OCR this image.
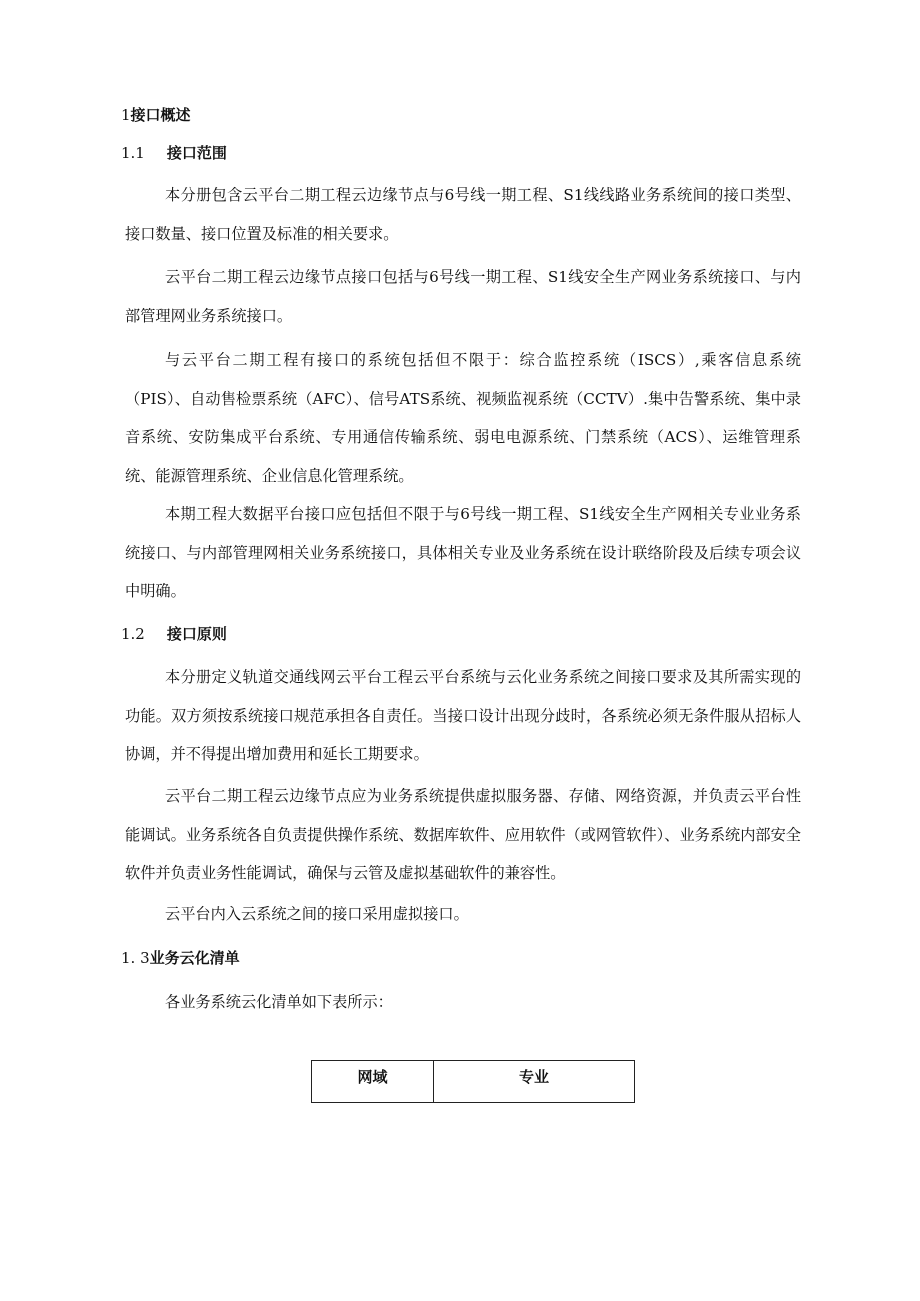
1接口概述
1.1 接口范围

本分册包含云平台二期工程云边缘节点与6号线一期工程、S1线线路业务系统间的接口类型、接口数量、接口位置及标准的相关要求。

云平台二期工程云边缘节点接口包括与6号线一期工程、S1线安全生产网业务系统接口、与内部管理网业务系统接口。

与云平台二期工程有接口的系统包括但不限于：综合监控系统（ISCS）,乘客信息系统（PIS）、自动售检票系统（AFC）、信号ATS系统、视频监视系统（CCTV）.集中告警系统、集中录音系统、安防集成平台系统、专用通信传输系统、弱电电源系统、门禁系统（ACS）、运维管理系统、能源管理系统、企业信息化管理系统。

本期工程大数据平台接口应包括但不限于与6号线一期工程、S1线安全生产网相关专业业务系统接口、与内部管理网相关业务系统接口，具体相关专业及业务系统在设计联络阶段及后续专项会议中明确。

1.2 接口原则

本分册定义轨道交通线网云平台工程云平台系统与云化业务系统之间接口要求及其所需实现的功能。双方须按系统接口规范承担各自责任。当接口设计出现分歧时，各系统必须无条件服从招标人协调，并不得提出增加费用和延长工期要求。

云平台二期工程云边缘节点应为业务系统提供虚拟服务器、存储、网络资源，并负责云平台性能调试。业务系统各自负责提供操作系统、数据库软件、应用软件（或网管软件）、业务系统内部安全软件并负责业务性能调试，确保与云管及虚拟基础软件的兼容性。

云平台内入云系统之间的接口采用虚拟接口。

1. 3业务云化清单

各业务系统云化清单如下表所示：

网域	专业
